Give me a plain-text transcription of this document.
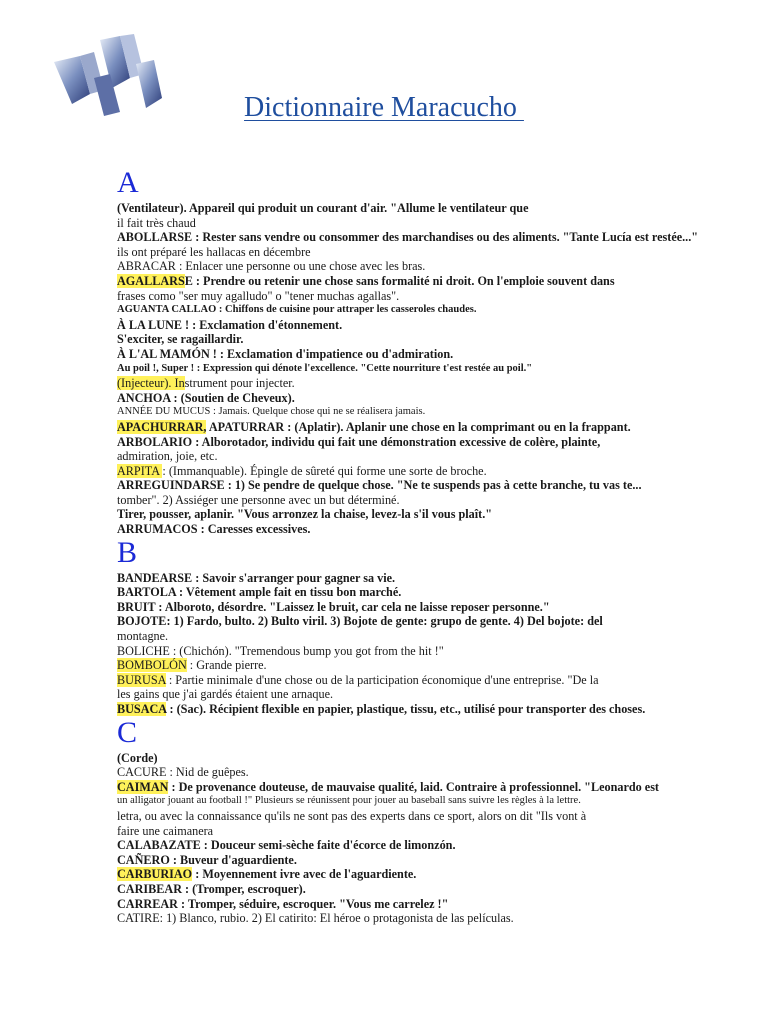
Dictionnaire Maracucho
A
(Ventilateur). Appareil qui produit un courant d'air. "Allume le ventilateur que
il fait très chaud
ABOLLARSE : Rester sans vendre ou consommer des marchandises ou des aliments. "Tante Lucía est restée..."
ils ont préparé les hallacas en décembre
ABRACAR : Enlacer une personne ou une chose avec les bras.
AGALLARSE : Prendre ou retenir une chose sans formalité ni droit. On l'emploie souvent dans
frases como "ser muy agalludo" o "tener muchas agallas".
AGUANTA CALLAO : Chiffons de cuisine pour attraper les casseroles chaudes.
À LA LUNE ! : Exclamation d'étonnement.
S'exciter, se ragaillardir.
À L'AL MAMÓN ! : Exclamation d'impatience ou d'admiration.
Au poil !, Super ! : Expression qui dénote l'excellence. "Cette nourriture t'est restée au poil."
(Injecteur). Instrument pour injecter.
ANCHOA : (Soutien de Cheveux).
ANNÉE DU MUCUS : Jamais. Quelque chose qui ne se réalisera jamais.
APACHURRAR, APATURRAR : (Aplatir). Aplanir une chose en la comprimant ou en la frappant.
ARBOLARIO : Alborotador, individu qui fait une démonstration excessive de colère, plainte,
admiration, joie, etc.
ARPITA : (Immanquable). Épingle de sûreté qui forme une sorte de broche.
ARREGUINDARSE : 1) Se pendre de quelque chose. "Ne te suspends pas à cette branche, tu vas te...
tomber". 2) Assiéger une personne avec un but déterminé.
Tirer, pousser, aplanir. "Vous arronzez la chaise, levez-la s'il vous plaît."
ARRUMACOS : Caresses excessives.
B
BANDEARSE : Savoir s'arranger pour gagner sa vie.
BARTOLA : Vêtement ample fait en tissu bon marché.
BRUIT : Alboroto, désordre. "Laissez le bruit, car cela ne laisse reposer personne."
BOJOTE: 1) Fardo, bulto. 2) Bulto viril. 3) Bojote de gente: grupo de gente. 4) Del bojote: del
montagne.
BOLICHE : (Chichón). "Tremendous bump you got from the hit !"
BOMBOLÓN : Grande pierre.
BURUSA : Partie minimale d'une chose ou de la participation économique d'une entreprise. "De la
les gains que j'ai gardés étaient une arnaque.
BUSACA : (Sac). Récipient flexible en papier, plastique, tissu, etc., utilisé pour transporter des choses.
C
(Corde)
CACURE : Nid de guêpes.
CAIMAN : De provenance douteuse, de mauvaise qualité, laid. Contraire à professionnel. "Leonardo est
un alligator jouant au football !" Plusieurs se réunissent pour jouer au baseball sans suivre les règles à la lettre.
letra, ou avec la connaissance qu'ils ne sont pas des experts dans ce sport, alors on dit "Ils vont à
faire une caimanera
CALABAZATE : Douceur semi-sèche faite d'écorce de limonzón.
CAÑERO : Buveur d'aguardiente.
CARBURIAO : Moyennement ivre avec de l'aguardiente.
CARIBEAR : (Tromper, escroquer).
CARREAR : Tromper, séduire, escroquer. "Vous me carrelez !"
CATIRE: 1) Blanco, rubio. 2) El catirito: El héroe o protagonista de las películas.
